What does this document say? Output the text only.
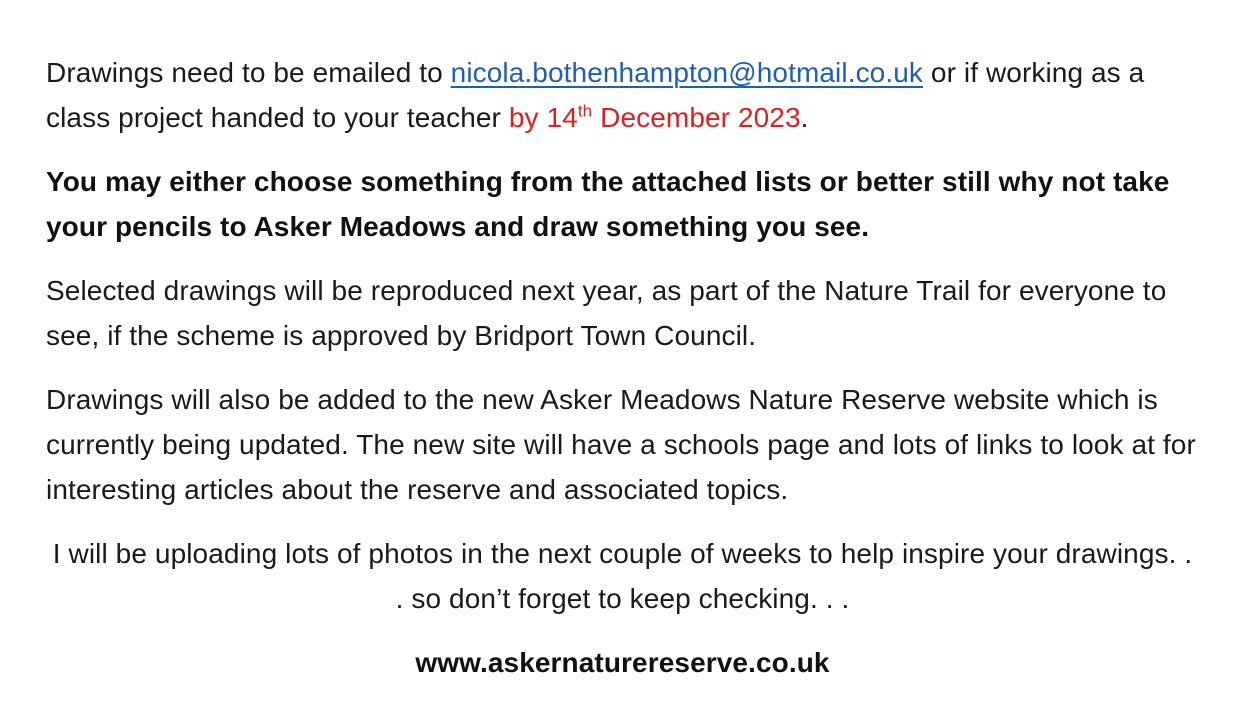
Drawings need to be emailed to nicola.bothenhampton@hotmail.co.uk or if working as a class project handed to your teacher by 14th December 2023.

You may either choose something from the attached lists or better still why not take your pencils to Asker Meadows and draw something you see.

Selected drawings will be reproduced next year, as part of the Nature Trail for everyone to see, if the scheme is approved by Bridport Town Council.

Drawings will also be added to the new Asker Meadows Nature Reserve website which is currently being updated. The new site will have a schools page and lots of links to look at for interesting articles about the reserve and associated topics.

I will be uploading lots of photos in the next couple of weeks to help inspire your drawings. . . so don’t forget to keep checking. . .

www.askernaturereserve.co.uk
